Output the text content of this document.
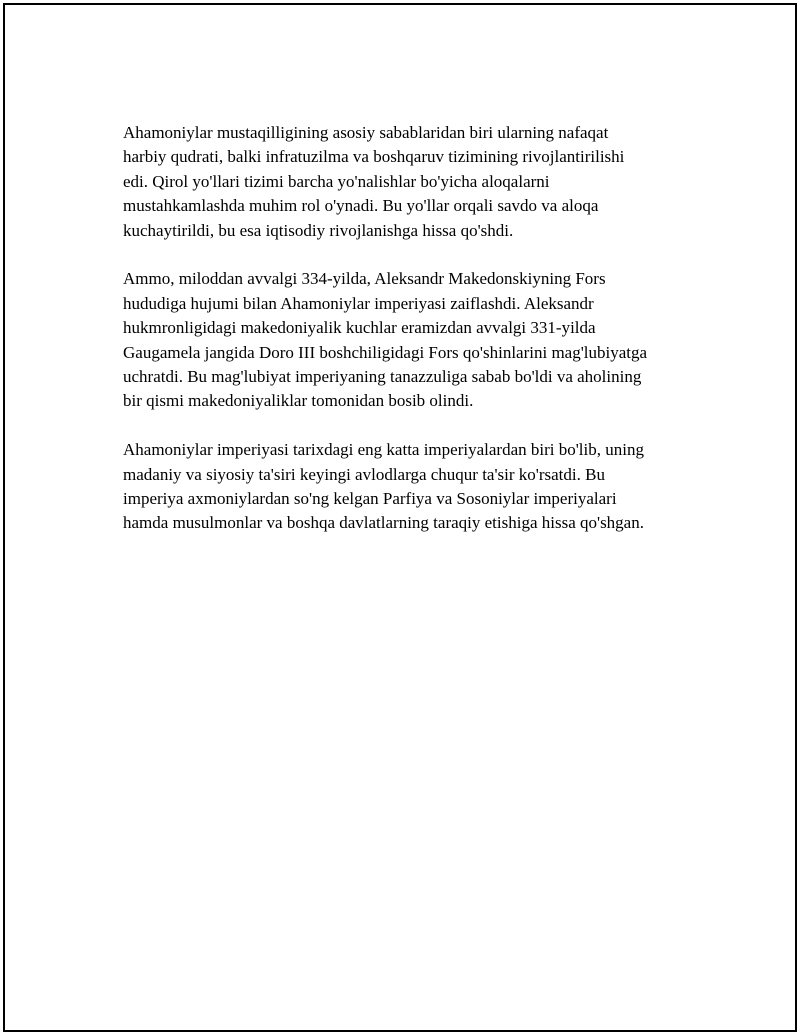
Ahamoniylar mustaqilligining asosiy sabablaridan biri ularning nafaqat
harbiy qudrati, balki infratuzilma va boshqaruv tizimining rivojlantirilishi
edi. Qirol yo'llari tizimi barcha yo'nalishlar bo'yicha aloqalarni
mustahkamlashda muhim rol o'ynadi. Bu yo'llar orqali savdo va aloqa
kuchaytirildi, bu esa iqtisodiy rivojlanishga hissa qo'shdi.

Ammo, miloddan avvalgi 334-yilda, Aleksandr Makedonskiyning Fors
hududiga hujumi bilan Ahamoniylar imperiyasi zaiflashdi. Aleksandr
hukmronligidagi makedoniyalik kuchlar eramizdan avvalgi 331-yilda
Gaugamela jangida Doro III boshchiligidagi Fors qo'shinlarini mag'lubiyatga
uchratdi. Bu mag'lubiyat imperiyaning tanazzuliga sabab bo'ldi va aholining
bir qismi makedoniyaliklar tomonidan bosib olindi.

Ahamoniylar imperiyasi tarixdagi eng katta imperiyalardan biri bo'lib, uning
madaniy va siyosiy ta'siri keyingi avlodlarga chuqur ta'sir ko'rsatdi. Bu
imperiya axmoniylardan so'ng kelgan Parfiya va Sosoniylar imperiyalari
hamda musulmonlar va boshqa davlatlarning taraqiy etishiga hissa qo'shgan.
